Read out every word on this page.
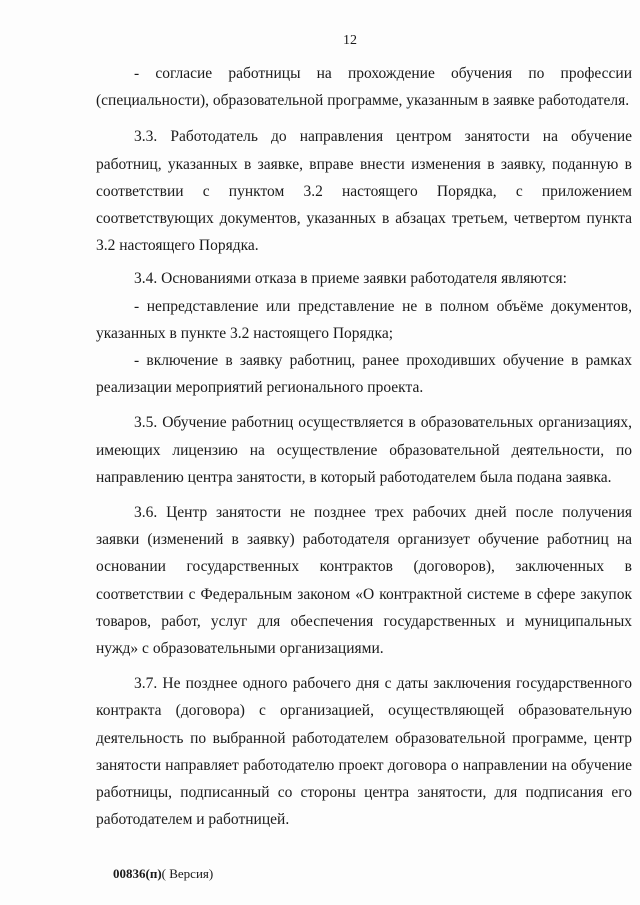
12

- согласие работницы на прохождение обучения по профессии (специальности), образовательной программе, указанным в заявке работодателя.

3.3. Работодатель до направления центром занятости на обучение работниц, указанных в заявке, вправе внести изменения в заявку, поданную в соответствии с пунктом 3.2 настоящего Порядка, с приложением соответствующих документов, указанных в абзацах третьем, четвертом пункта 3.2 настоящего Порядка.

3.4. Основаниями отказа в приеме заявки работодателя являются:

- непредставление или представление не в полном объёме документов, указанных в пункте 3.2 настоящего Порядка;

- включение в заявку работниц, ранее проходивших обучение в рамках реализации мероприятий регионального проекта.

3.5. Обучение работниц осуществляется в образовательных организациях, имеющих лицензию на осуществление образовательной деятельности, по направлению центра занятости, в который работодателем была подана заявка.

3.6. Центр занятости не позднее трех рабочих дней после получения заявки (изменений в заявку) работодателя организует обучение работниц на основании государственных контрактов (договоров), заключенных в соответствии с Федеральным законом «О контрактной системе в сфере закупок товаров, работ, услуг для обеспечения государственных и муниципальных нужд» с образовательными организациями.

3.7. Не позднее одного рабочего дня с даты заключения государственного контракта (договора) с организацией, осуществляющей образовательную деятельность по выбранной работодателем образовательной программе, центр занятости направляет работодателю проект договора о направлении на обучение работницы, подписанный со стороны центра занятости, для подписания его работодателем и работницей.

00836(п)( Версия)
